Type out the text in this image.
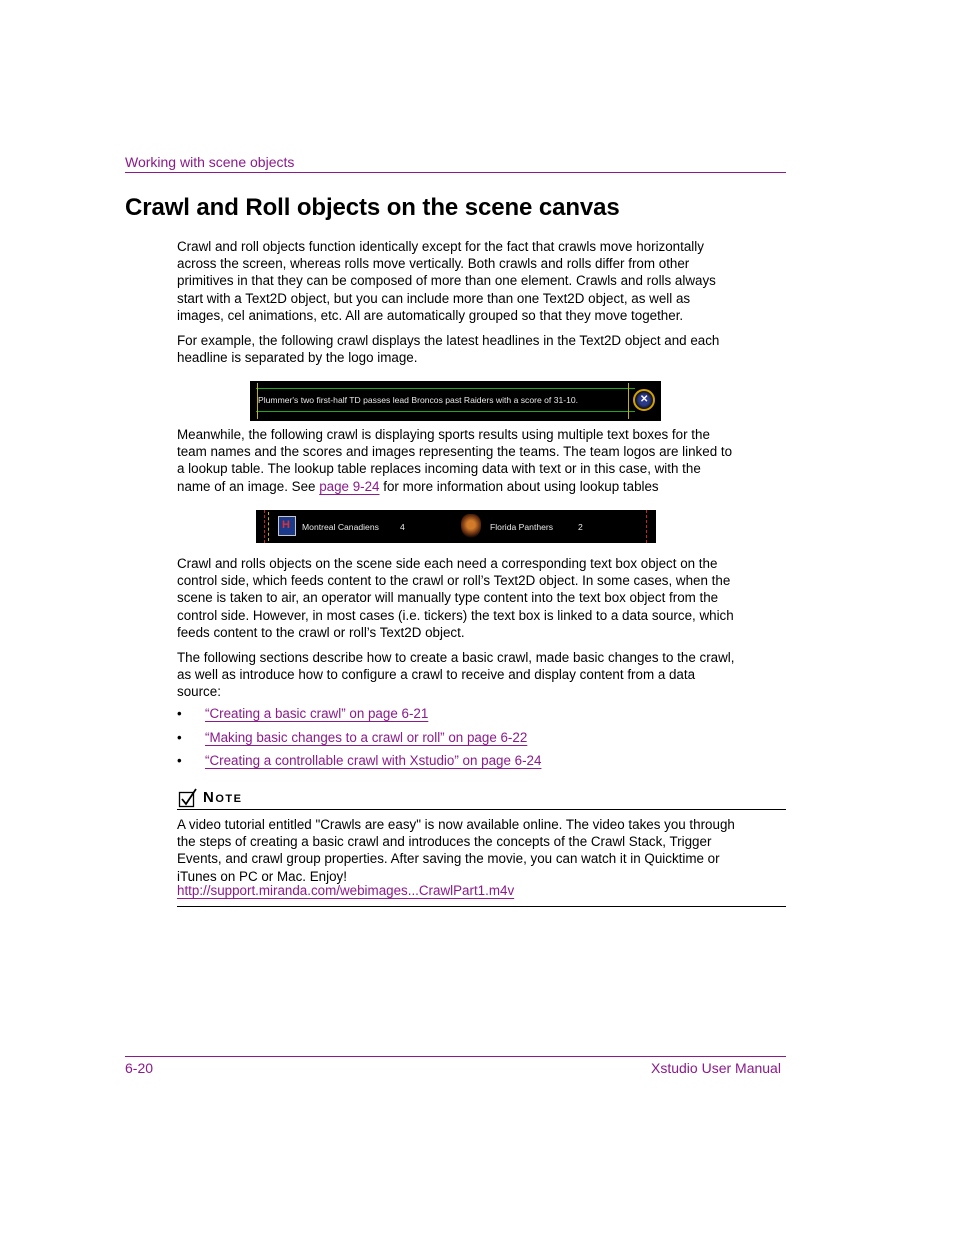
Working with scene objects
Crawl and Roll objects on the scene canvas

Crawl and roll objects function identically except for the fact that crawls move horizontally across the screen, whereas rolls move vertically. Both crawls and rolls differ from other primitives in that they can be composed of more than one element. Crawls and rolls always start with a Text2D object, but you can include more than one Text2D object, as well as images, cel animations, etc. All are automatically grouped so that they move together.

For example, the following crawl displays the latest headlines in the Text2D object and each headline is separated by the logo image.

Plummer's two first-half TD passes lead Broncos past Raiders with a score of 31-10.	✕

Meanwhile, the following crawl is displaying sports results using multiple text boxes for the team names and the scores and images representing the teams. The team logos are linked to a lookup table. The lookup table replaces incoming data with text or in this case, with the name of an image. See page 9-24 for more information about using lookup tables

H Montreal Canadiens 4	Florida Panthers	2

Crawl and rolls objects on the scene side each need a corresponding text box object on the control side, which feeds content to the crawl or roll’s Text2D object. In some cases, when the scene is taken to air, an operator will manually type content into the text box object from the control side. However, in most cases (i.e. tickers) the text box is linked to a data source, which feeds content to the crawl or roll’s Text2D object.

The following sections describe how to create a basic crawl, made basic changes to the crawl, as well as introduce how to configure a crawl to receive and display content from a data source:

• “Creating a basic crawl” on page 6-21
• “Making basic changes to a crawl or roll” on page 6-22
• “Creating a controllable crawl with Xstudio” on page 6-24
Note

A video tutorial entitled "Crawls are easy" is now available online. The video takes you through the steps of creating a basic crawl and introduces the concepts of the Crawl Stack, Trigger Events, and crawl group properties. After saving the movie, you can watch it in Quicktime or iTunes on PC or Mac. Enjoy!

http://support.miranda.com/webimages...CrawlPart1.m4v
6-20	Xstudio User Manual
